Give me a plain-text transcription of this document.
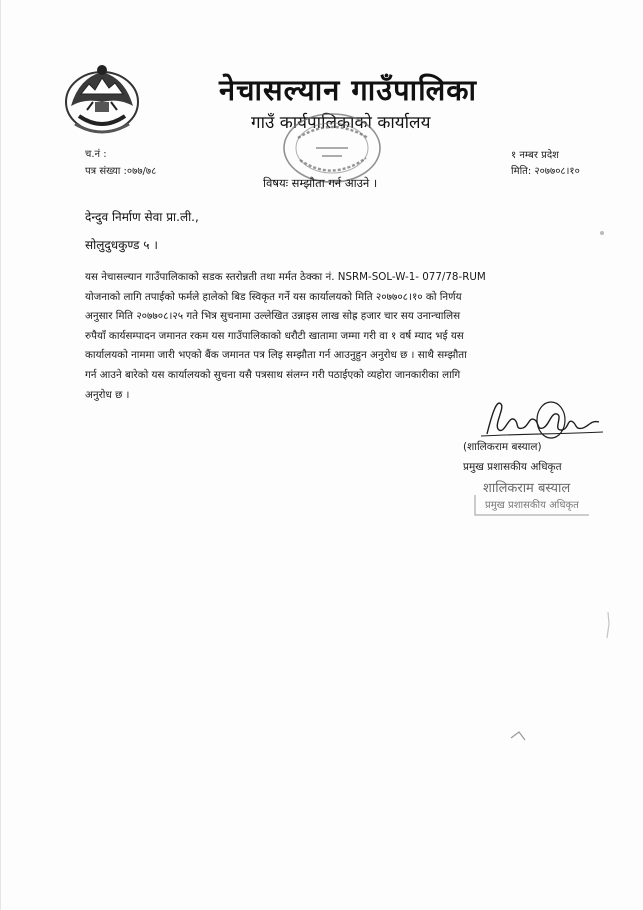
नेचासल्यान गाउँपालिका
गाउँ कार्यपालिकाको कार्यालय
च.नं :
पत्र संख्या :०७७/७८
१ नम्बर प्रदेश
मिति: २०७७०८।१०
विषयः सम्झौता गर्न आउने ।
देन्दुव निर्माण सेवा प्रा.ली.,
सोलुदुधकुण्ड ५ ।
यस नेचासल्यान गाउँपालिकाको सडक स्तरोन्नती तथा मर्मत ठेक्का नं. NSRM-SOL-W-1- 077/78-RUM
योजनाको लागि तपाईको फर्मले हालेको बिड स्विकृत गर्ने यस कार्यालयको मिति २०७७०८।१० को निर्णय
अनुसार मिति २०७७०८।२५ गते भित्र सुचनामा उल्लेखित उन्नाइस लाख सोह्र हजार चार सय उनान्चालिस
रुपैयाँ कार्यसम्पादन जमानत रकम यस गाउँपालिकाको धरौटी खातामा जम्मा गरी वा १ वर्ष म्याद भई यस
कार्यालयको नाममा जारी भएको बैंक जमानत पत्र लिइ सम्झौता गर्न आउनुहुन अनुरोध छ । साथै सम्झौता
गर्न आउने बारेको यस कार्यालयको सुचना यसै पत्रसाथ संलग्न गरी पठाईएको व्यहोरा जानकारीका लागि
अनुरोध छ ।
(शालिकराम बस्याल)
प्रमुख प्रशासकीय अधिकृत
शालिकराम बस्याल
प्रमुख प्रशासकीय अधिकृत
